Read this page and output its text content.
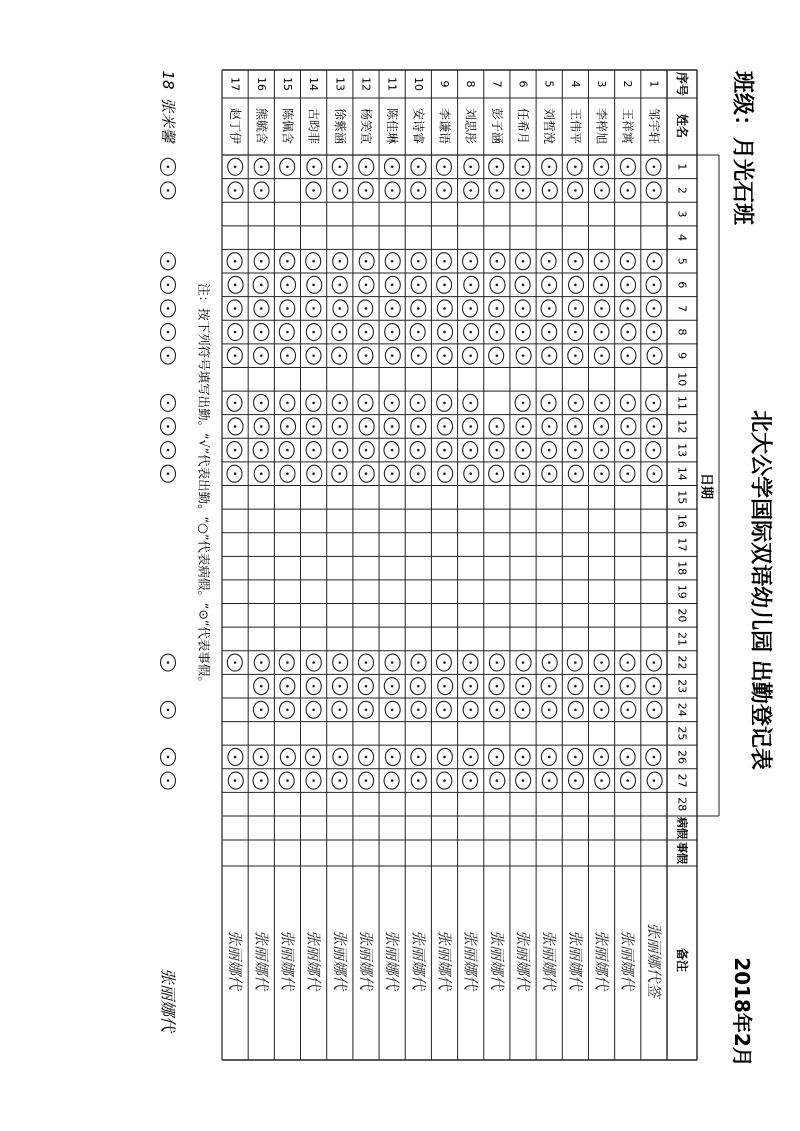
北大公学国际双语幼儿园 出勤登记表
班级：月光石班
2018年2月
日期
序号
姓名
病假
事假
备注
1
2
3
4
5
6
7
8
9
10
11
12
13
14
15
16
17
18
19
20
21
22
23
24
25
26
27
28
1
邹宇轩
张丽娜代签
2
王祥寓
张丽娜代
3
李梓旭
张丽娜代
4
王伟平
张丽娜代
5
刘哲涗
张丽娜代
6
任希月
张丽娜代
7
彭子涵
张丽娜代
8
刘思彤
张丽娜代
9
李谦语
张丽娜代
10
安诗睿
张丽娜代
11
陈佳琳
张丽娜代
12
杨笑宣
张丽娜代
13
徐紫涵
张丽娜代
14
古昀菲
张丽娜代
15
陈佩含
张丽娜代
16
熊毓含
张丽娜代
17
赵丁伊
张丽娜代
注：按下列符号填写出勤。“√”代表出勤。“○”代表病假。“⊙”代表事假。
张米馨
18
张丽娜代
